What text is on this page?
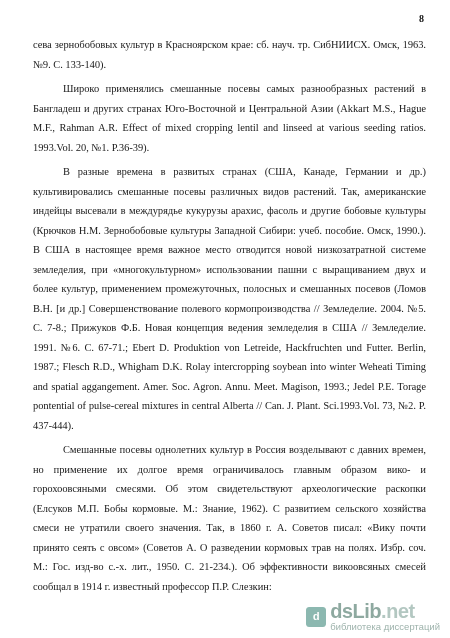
8

сева зернобобовых культур в Красноярском крае: сб. науч. тр. СибНИИСХ. Омск, 1963. №9. С. 133-140).

Широко применялись смешанные посевы самых разнообразных растений в Бангладеш и других странах Юго-Восточной и Центральной Азии (Akkart M.S., Hague M.F., Rahman A.R. Effect of mixed cropping lentil and linseed at various seeding ratios. 1993.Vol. 20, №1. P.36-39).

В разные времена в развитых странах (США, Канаде, Германии и др.) культивировались смешанные посевы различных видов растений. Так, американские индейцы высевали в междурядье кукурузы арахис, фасоль и другие бобовые культуры (Крючков Н.М. Зернобобовые культуры Западной Сибири: учеб. пособие. Омск, 1990.). В США в настоящее время важное место отводится новой низкозатратной системе земледелия, при «многокультурном» использовании пашни с выращиванием двух и более культур, применением промежуточных, полосных и смешанных посевов (Ломов В.Н. [и др.] Совершенствование полевого кормопроизводства // Земледелие. 2004. №5. С. 7-8.; Прижуков Ф.Б. Новая концепция ведения земледелия в США // Земледелие. 1991. №6. С. 67-71.; Ebert D. Produktion von Letreide, Hackfruchten und Futter. Berlin, 1987.; Flesch R.D., Whigham D.K. Rolay intercropping soybean into winter Weheati Timing and spatial aggangement. Amer. Soc. Agron. Annu. Meet. Magison, 1993.; Jedel P.E. Torage pontential of pulse-cereal mixtures in central Alberta // Can. J. Plant. Sci.1993.Vol. 73, №2. P. 437-444).

Смешанные посевы однолетних культур в Россия возделывают с давних времен, но применение их долгое время ограничивалось главным образом вико- и горохоовсяными смесями. Об этом свидетельствуют археологические раскопки (Елсуков М.П. Бобы кормовые. М.: Знание, 1962). С развитием сельского хозяйства смеси не утратили своего значения. Так, в 1860 г. А. Советов писал: «Вику почти принято сеять с овсом» (Советов А. О разведении кормовых трав на полях. Избр. соч. М.: Гос. изд-во с.-х. лит., 1950. С. 21-234.). Об эффективности викоовсяных смесей сообщал в 1914 г. известный профессор П.Р. Слезкин:

d dsLib.net
библиотека диссертаций
